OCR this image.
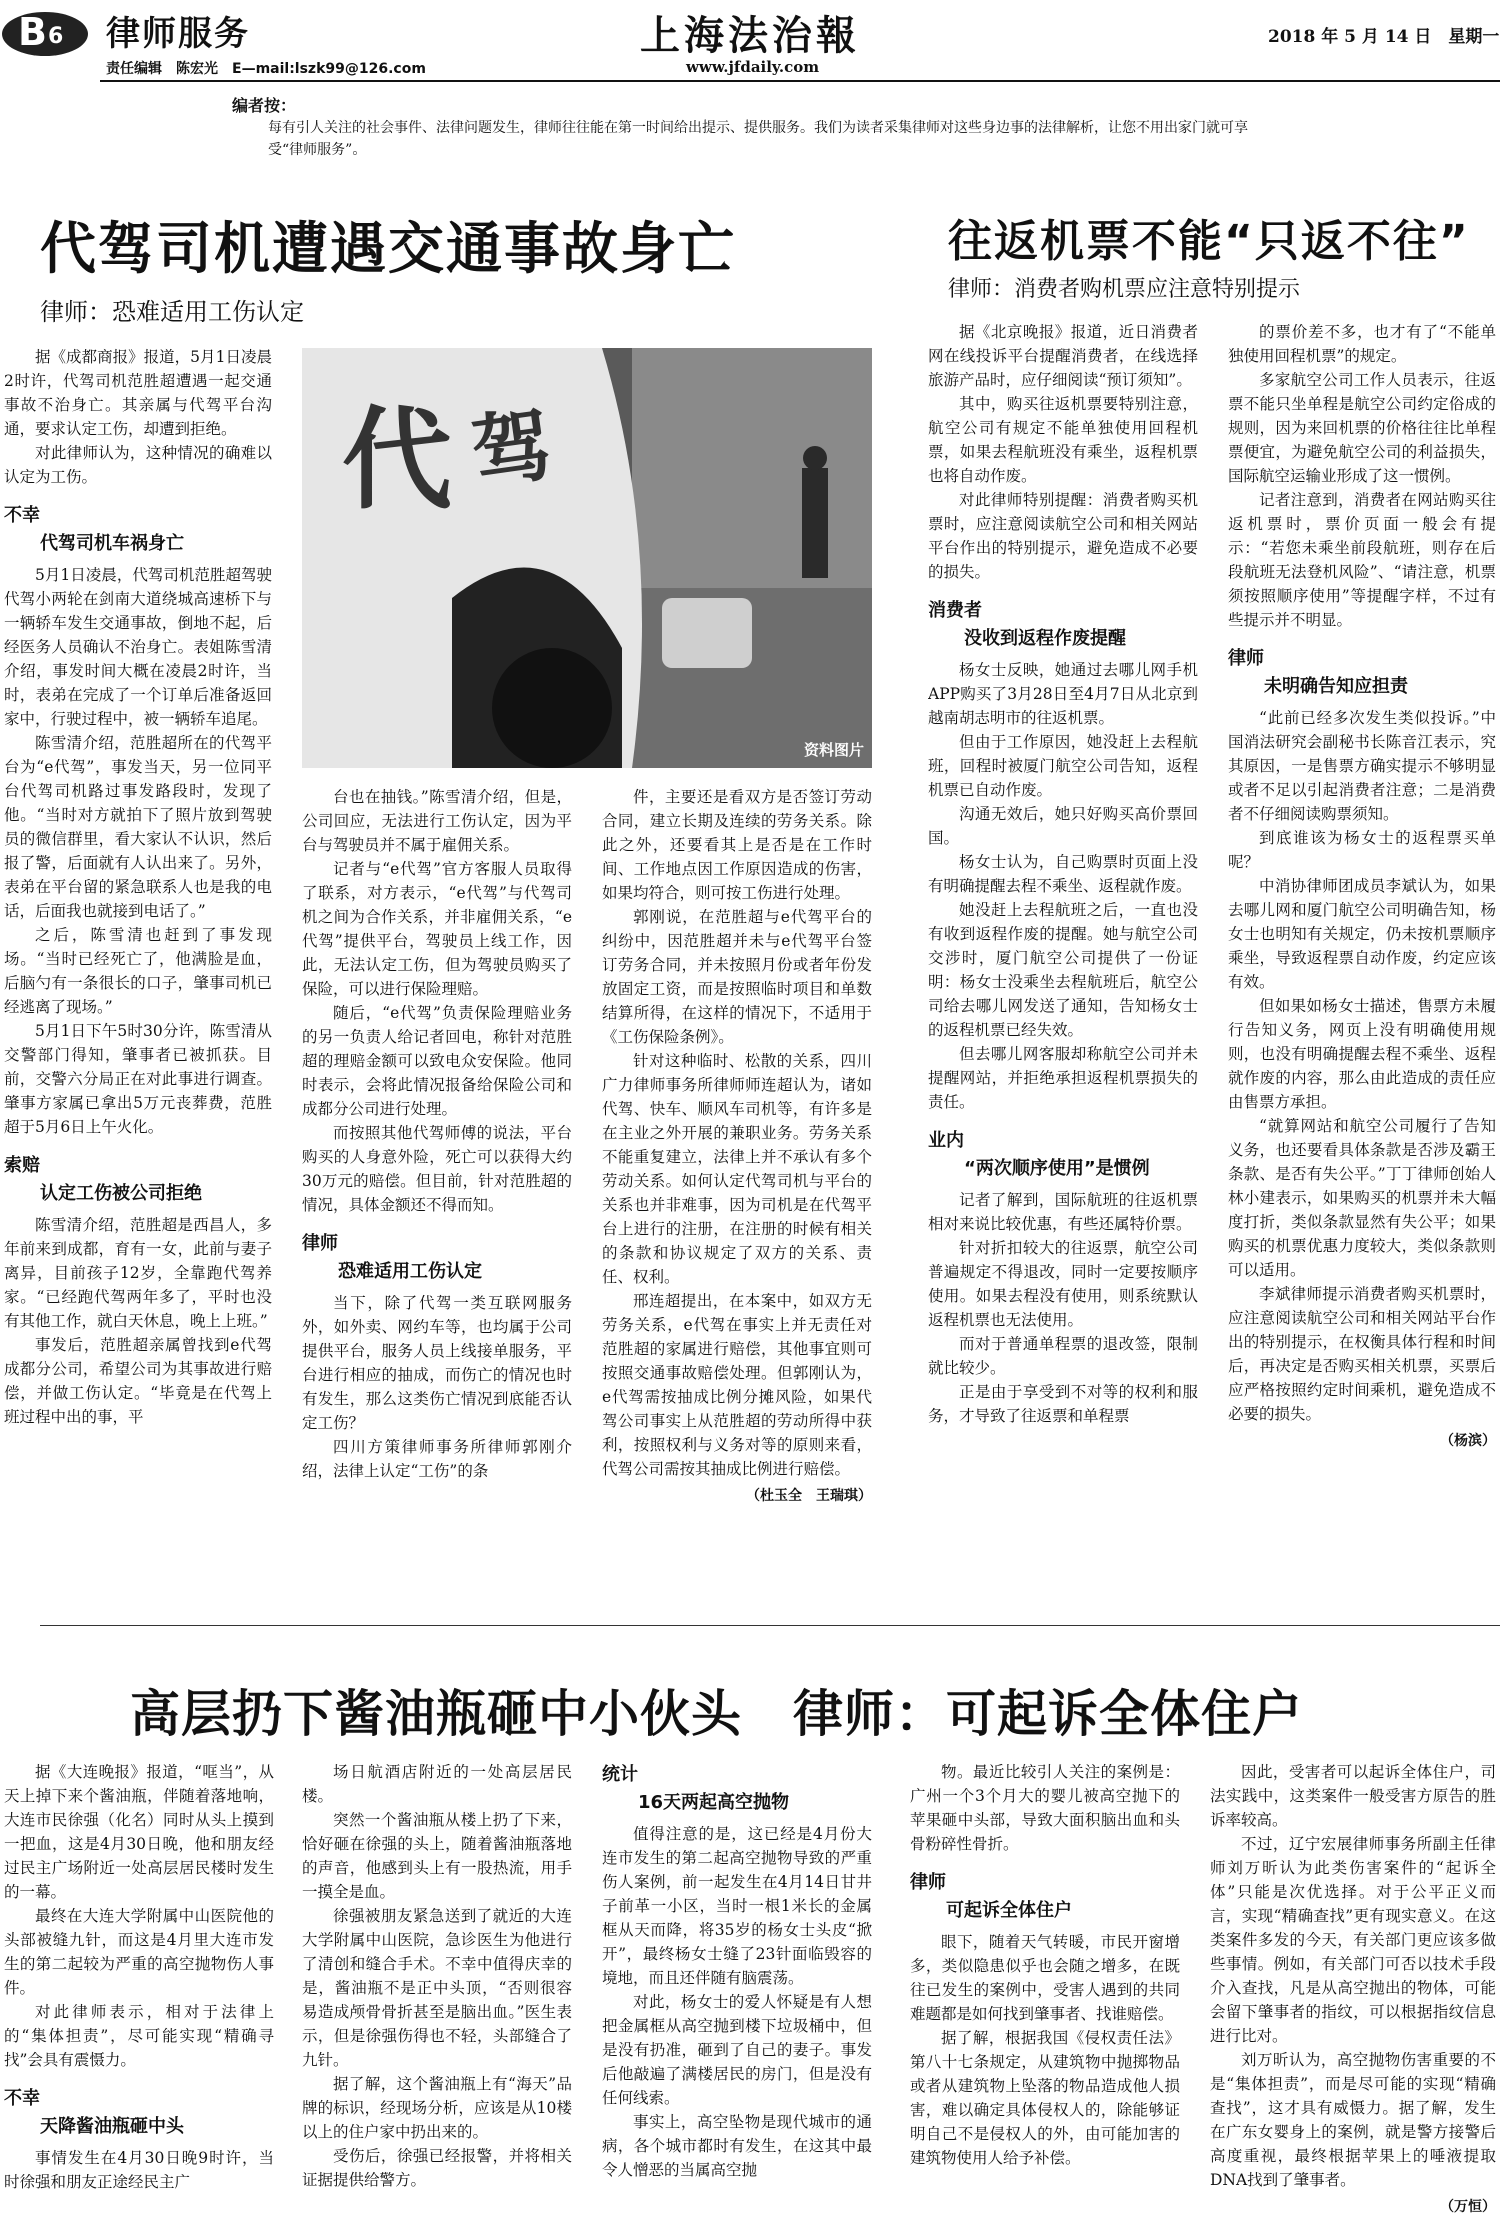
B 6 律师服务	上海法治報
www.jfdaily.com
2018 年 5 月 14 日　星期一
责任编辑　陈宏光　E—mail:lszk99@126.com
编者按：
每有引人关注的社会事件、法律问题发生，律师往往能在第一时间给出提示、提供服务。我们为读者采集律师对这些身边事的法律解析，让您不用出家门就可享受“律师服务”。
代驾司机遭遇交通事故身亡
律师：恐难适用工伤认定
代 驾
资料图片

据《成都商报》报道，5月1日凌晨2时许，代驾司机范胜超遭遇一起交通事故不治身亡。其亲属与代驾平台沟通，要求认定工伤，却遭到拒绝。

对此律师认为，这种情况的确难以认定为工伤。

不幸
代驾司机车祸身亡

5月1日凌晨，代驾司机范胜超驾驶代驾小两轮在剑南大道绕城高速桥下与一辆轿车发生交通事故，倒地不起，后经医务人员确认不治身亡。表姐陈雪清介绍，事发时间大概在凌晨2时许，当时，表弟在完成了一个订单后准备返回家中，行驶过程中，被一辆轿车追尾。

陈雪清介绍，范胜超所在的代驾平台为“e代驾”，事发当天，另一位同平台代驾司机路过事发路段时，发现了他。“当时对方就拍下了照片放到驾驶员的微信群里，看大家认不认识，然后报了警，后面就有人认出来了。另外，表弟在平台留的紧急联系人也是我的电话，后面我也就接到电话了。”

之后，陈雪清也赶到了事发现场。“当时已经死亡了，他满脸是血，后脑勺有一条很长的口子，肇事司机已经逃离了现场。”

5月1日下午5时30分许，陈雪清从交警部门得知，肇事者已被抓获。目前，交警六分局正在对此事进行调查。肇事方家属已拿出5万元丧葬费，范胜超于5月6日上午火化。

索赔
认定工伤被公司拒绝

陈雪清介绍，范胜超是西昌人，多年前来到成都，育有一女，此前与妻子离异，目前孩子12岁，全靠跑代驾养家。“已经跑代驾两年多了，平时也没有其他工作，就白天休息，晚上上班。”

事发后，范胜超亲属曾找到e代驾成都分公司，希望公司为其事故进行赔偿，并做工伤认定。“毕竟是在代驾上班过程中出的事，平

台也在抽钱。”陈雪清介绍，但是，公司回应，无法进行工伤认定，因为平台与驾驶员并不属于雇佣关系。

记者与“e代驾”官方客服人员取得了联系，对方表示，“e代驾”与代驾司机之间为合作关系，并非雇佣关系，“e代驾”提供平台，驾驶员上线工作，因此，无法认定工伤，但为驾驶员购买了保险，可以进行保险理赔。

随后，“e代驾”负责保险理赔业务的另一负责人给记者回电，称针对范胜超的理赔金额可以致电众安保险。他同时表示，会将此情况报备给保险公司和成都分公司进行处理。

而按照其他代驾师傅的说法，平台购买的人身意外险，死亡可以获得大约30万元的赔偿。但目前，针对范胜超的情况，具体金额还不得而知。

律师
恐难适用工伤认定

当下，除了代驾一类互联网服务外，如外卖、网约车等，也均属于公司提供平台，服务人员上线接单服务，平台进行相应的抽成，而伤亡的情况也时有发生，那么这类伤亡情况到底能否认定工伤？

四川方策律师事务所律师郭刚介绍，法律上认定“工伤”的条

件，主要还是看双方是否签订劳动合同，建立长期及连续的劳务关系。除此之外，还要看其上是否是在工作时间、工作地点因工作原因造成的伤害，如果均符合，则可按工伤进行处理。

郭刚说，在范胜超与e代驾平台的纠纷中，因范胜超并未与e代驾平台签订劳务合同，并未按照月份或者年份发放固定工资，而是按照临时项目和单数结算所得，在这样的情况下，不适用于《工伤保险条例》。

针对这种临时、松散的关系，四川广力律师事务所律师师连超认为，诸如代驾、快车、顺风车司机等，有许多是在主业之外开展的兼职业务。劳务关系不能重复建立，法律上并不承认有多个劳动关系。如何认定代驾司机与平台的关系也并非难事，因为司机是在代驾平台上进行的注册，在注册的时候有相关的条款和协议规定了双方的关系、责任、权利。

邢连超提出，在本案中，如双方无劳务关系，e代驾在事实上并无责任对范胜超的家属进行赔偿，其他事宜则可按照交通事故赔偿处理。但郭刚认为，e代驾需按抽成比例分摊风险，如果代驾公司事实上从范胜超的劳动所得中获利，按照权利与义务对等的原则来看，代驾公司需按其抽成比例进行赔偿。

（杜玉全　王瑞琪）
往返机票不能“只返不往”
律师：消费者购机票应注意特别提示

据《北京晚报》报道，近日消费者网在线投诉平台提醒消费者，在线选择旅游产品时，应仔细阅读“预订须知”。

其中，购买往返机票要特别注意，航空公司有规定不能单独使用回程机票，如果去程航班没有乘坐，返程机票也将自动作废。

对此律师特别提醒：消费者购买机票时，应注意阅读航空公司和相关网站平台作出的特别提示，避免造成不必要的损失。

消费者
没收到返程作废提醒

杨女士反映，她通过去哪儿网手机APP购买了3月28日至4月7日从北京到越南胡志明市的往返机票。

但由于工作原因，她没赶上去程航班，回程时被厦门航空公司告知，返程机票已自动作废。

沟通无效后，她只好购买高价票回国。

杨女士认为，自己购票时页面上没有明确提醒去程不乘坐、返程就作废。

她没赶上去程航班之后，一直也没有收到返程作废的提醒。她与航空公司交涉时，厦门航空公司提供了一份证明：杨女士没乘坐去程航班后，航空公司给去哪儿网发送了通知，告知杨女士的返程机票已经失效。

但去哪儿网客服却称航空公司并未提醒网站，并拒绝承担返程机票损失的责任。

业内
“两次顺序使用”是惯例

记者了解到，国际航班的往返机票相对来说比较优惠，有些还属特价票。

针对折扣较大的往返票，航空公司普遍规定不得退改，同时一定要按顺序使用。如果去程没有使用，则系统默认返程机票也无法使用。

而对于普通单程票的退改签，限制就比较少。

正是由于享受到不对等的权利和服务，才导致了往返票和单程票

的票价差不多，也才有了“不能单独使用回程机票”的规定。

多家航空公司工作人员表示，往返票不能只坐单程是航空公司约定俗成的规则，因为来回机票的价格往往比单程票便宜，为避免航空公司的利益损失，国际航空运输业形成了这一惯例。

记者注意到，消费者在网站购买往返机票时，票价页面一般会有提示：“若您未乘坐前段航班，则存在后段航班无法登机风险”、“请注意，机票须按照顺序使用”等提醒字样，不过有些提示并不明显。

律师
未明确告知应担责

“此前已经多次发生类似投诉。”中国消法研究会副秘书长陈音江表示，究其原因，一是售票方确实提示不够明显或者不足以引起消费者注意；二是消费者不仔细阅读购票须知。

到底谁该为杨女士的返程票买单呢？

中消协律师团成员李斌认为，如果去哪儿网和厦门航空公司明确告知，杨女士也明知有关规定，仍未按机票顺序乘坐，导致返程票自动作废，约定应该有效。

但如果如杨女士描述，售票方未履行告知义务，网页上没有明确使用规则，也没有明确提醒去程不乘坐、返程就作废的内容，那么由此造成的责任应由售票方承担。

“就算网站和航空公司履行了告知义务，也还要看具体条款是否涉及霸王条款、是否有失公平。”丁丁律师创始人林小建表示，如果购买的机票并未大幅度打折，类似条款显然有失公平；如果购买的机票优惠力度较大，类似条款则可以适用。

李斌律师提示消费者购买机票时，应注意阅读航空公司和相关网站平台作出的特别提示，在权衡具体行程和时间后，再决定是否购买相关机票，买票后应严格按照约定时间乘机，避免造成不必要的损失。

（杨滨）
高层扔下酱油瓶砸中小伙头　律师：可起诉全体住户

据《大连晚报》报道，“哐当”，从天上掉下来个酱油瓶，伴随着落地响，大连市民徐强（化名）同时从头上摸到一把血，这是4月30日晚，他和朋友经过民主广场附近一处高层居民楼时发生的一幕。

最终在大连大学附属中山医院他的头部被缝九针，而这是4月里大连市发生的第二起较为严重的高空抛物伤人事件。

对此律师表示，相对于法律上的“集体担责”，尽可能实现“精确寻找”会具有震慑力。

不幸
天降酱油瓶砸中头

事情发生在4月30日晚9时许，当时徐强和朋友正途经民主广

场日航酒店附近的一处高层居民楼。

突然一个酱油瓶从楼上扔了下来，恰好砸在徐强的头上，随着酱油瓶落地的声音，他感到头上有一股热流，用手一摸全是血。

徐强被朋友紧急送到了就近的大连大学附属中山医院，急诊医生为他进行了清创和缝合手术。不幸中值得庆幸的是，酱油瓶不是正中头顶，“否则很容易造成颅骨骨折甚至是脑出血。”医生表示，但是徐强伤得也不轻，头部缝合了九针。

据了解，这个酱油瓶上有“海天”品牌的标识，经现场分析，应该是从10楼以上的住户家中扔出来的。

受伤后，徐强已经报警，并将相关证据提供给警方。

统计
16天两起高空抛物

值得注意的是，这已经是4月份大连市发生的第二起高空抛物导致的严重伤人案例，前一起发生在4月14日甘井子前革一小区，当时一根1米长的金属框从天而降，将35岁的杨女士头皮“掀开”，最终杨女士缝了23针面临毁容的境地，而且还伴随有脑震荡。

对此，杨女士的爱人怀疑是有人想把金属框从高空抛到楼下垃圾桶中，但是没有扔准，砸到了自己的妻子。事发后他敲遍了满楼居民的房门，但是没有任何线索。

事实上，高空坠物是现代城市的通病，各个城市都时有发生，在这其中最令人憎恶的当属高空抛

物。最近比较引人关注的案例是：广州一个3个月大的婴儿被高空抛下的苹果砸中头部，导致大面积脑出血和头骨粉碎性骨折。

律师
可起诉全体住户

眼下，随着天气转暖，市民开窗增多，类似隐患似乎也会随之增多，在既往已发生的案例中，受害人遇到的共同难题都是如何找到肇事者、找谁赔偿。

据了解，根据我国《侵权责任法》第八十七条规定，从建筑物中抛掷物品或者从建筑物上坠落的物品造成他人损害，难以确定具体侵权人的，除能够证明自己不是侵权人的外，由可能加害的建筑物使用人给予补偿。

因此，受害者可以起诉全体住户，司法实践中，这类案件一般受害方原告的胜诉率较高。

不过，辽宁宏展律师事务所副主任律师刘万昕认为此类伤害案件的“起诉全体”只能是次优选择。对于公平正义而言，实现“精确查找”更有现实意义。在这类案件多发的今天，有关部门更应该多做些事情。例如，有关部门可否以技术手段介入查找，凡是从高空抛出的物体，可能会留下肇事者的指纹，可以根据指纹信息进行比对。

刘万昕认为，高空抛物伤害重要的不是“集体担责”，而是尽可能的实现“精确查找”，这才具有威慑力。据了解，发生在广东女婴身上的案例，就是警方接警后高度重视，最终根据苹果上的唾液提取DNA找到了肇事者。

（万恒）
